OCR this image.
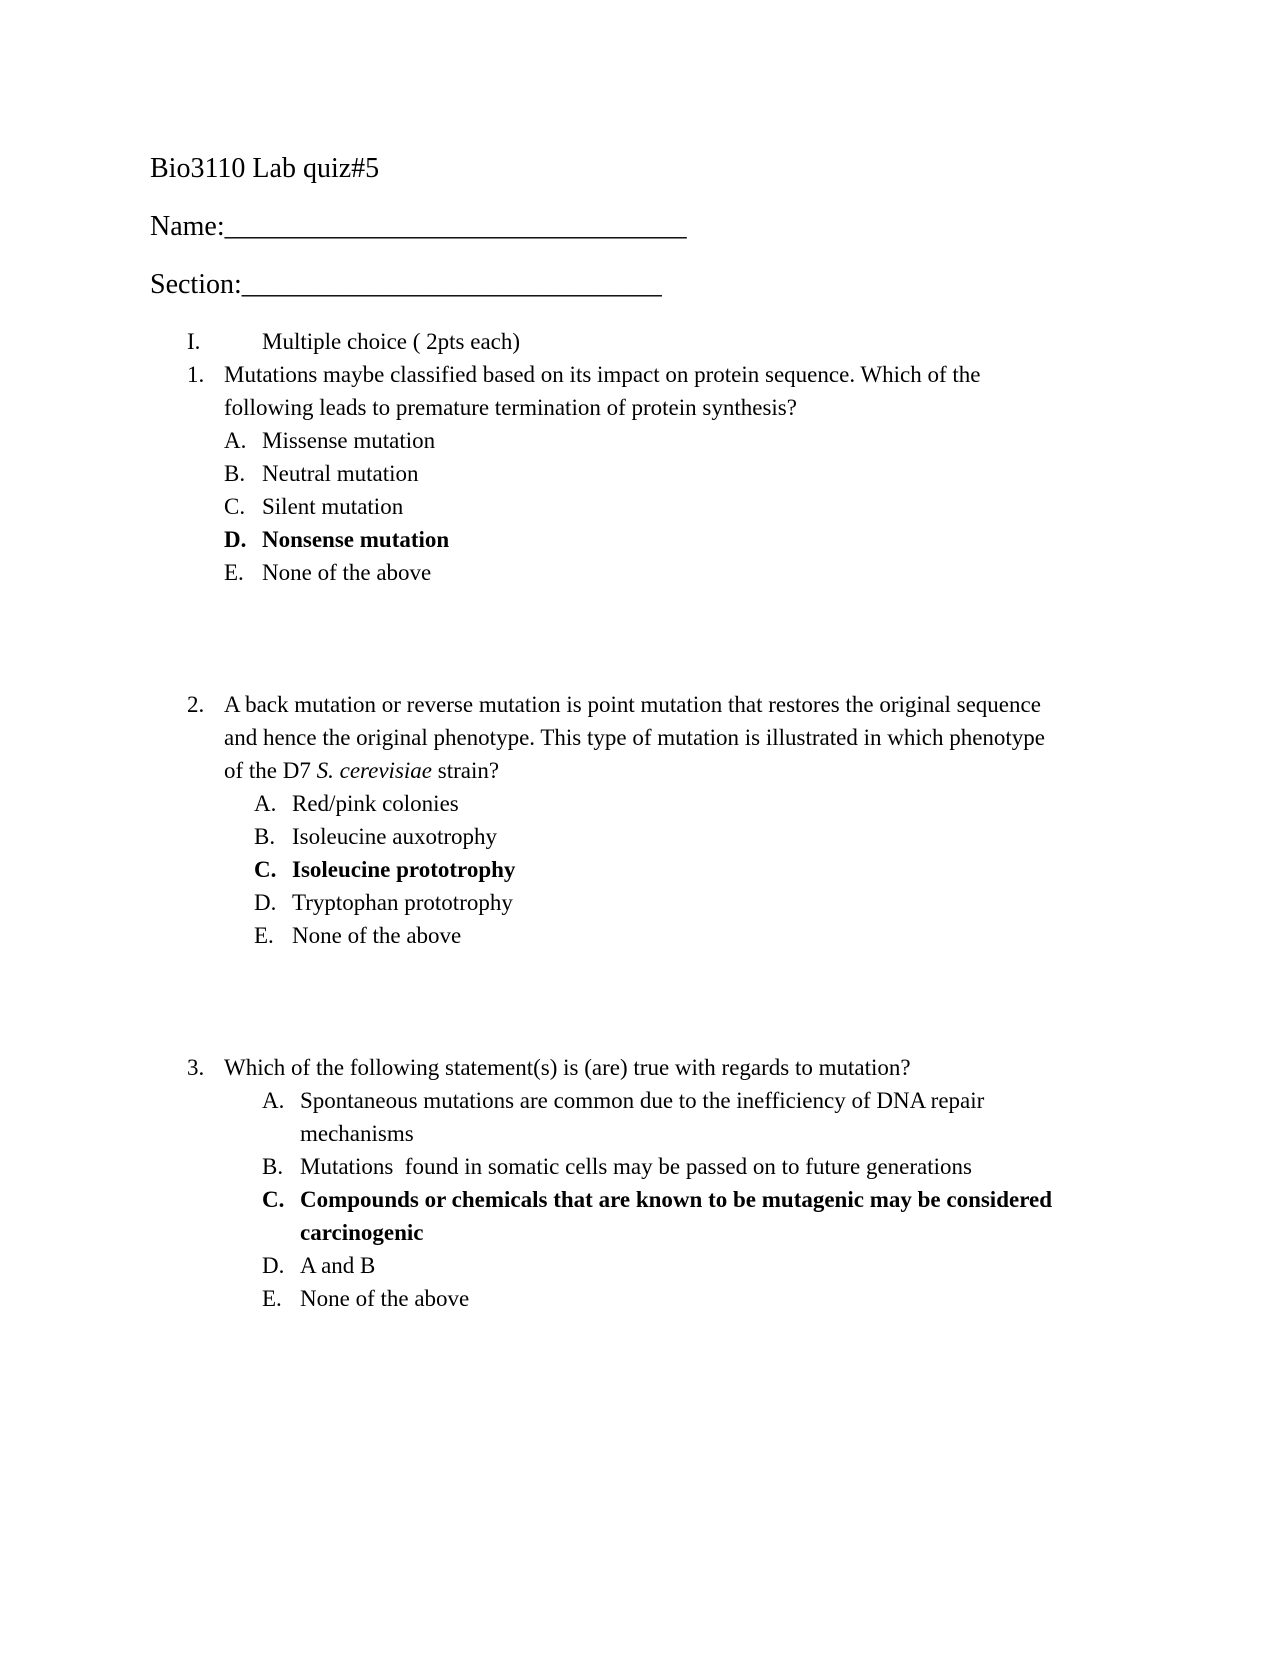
Bio3110 Lab quiz#5
Name:_________________________________
Section:______________________________
I.	Multiple choice ( 2pts each)
1. Mutations maybe classified based on its impact on protein sequence. Which of the
following leads to premature termination of protein synthesis?
A. Missense mutation
B. Neutral mutation
C. Silent mutation
D. Nonsense mutation
E. None of the above
2. A back mutation or reverse mutation is point mutation that restores the original sequence
and hence the original phenotype. This type of mutation is illustrated in which phenotype
of the D7 S. cerevisiae strain?
A. Red/pink colonies
B. Isoleucine auxotrophy
C. Isoleucine prototrophy
D. Tryptophan prototrophy
E. None of the above
3. Which of the following statement(s) is (are) true with regards to mutation?
A. Spontaneous mutations are common due to the inefficiency of DNA repair
mechanisms
B. Mutations  found in somatic cells may be passed on to future generations
C. Compounds or chemicals that are known to be mutagenic may be considered
carcinogenic
D. A and B
E. None of the above
